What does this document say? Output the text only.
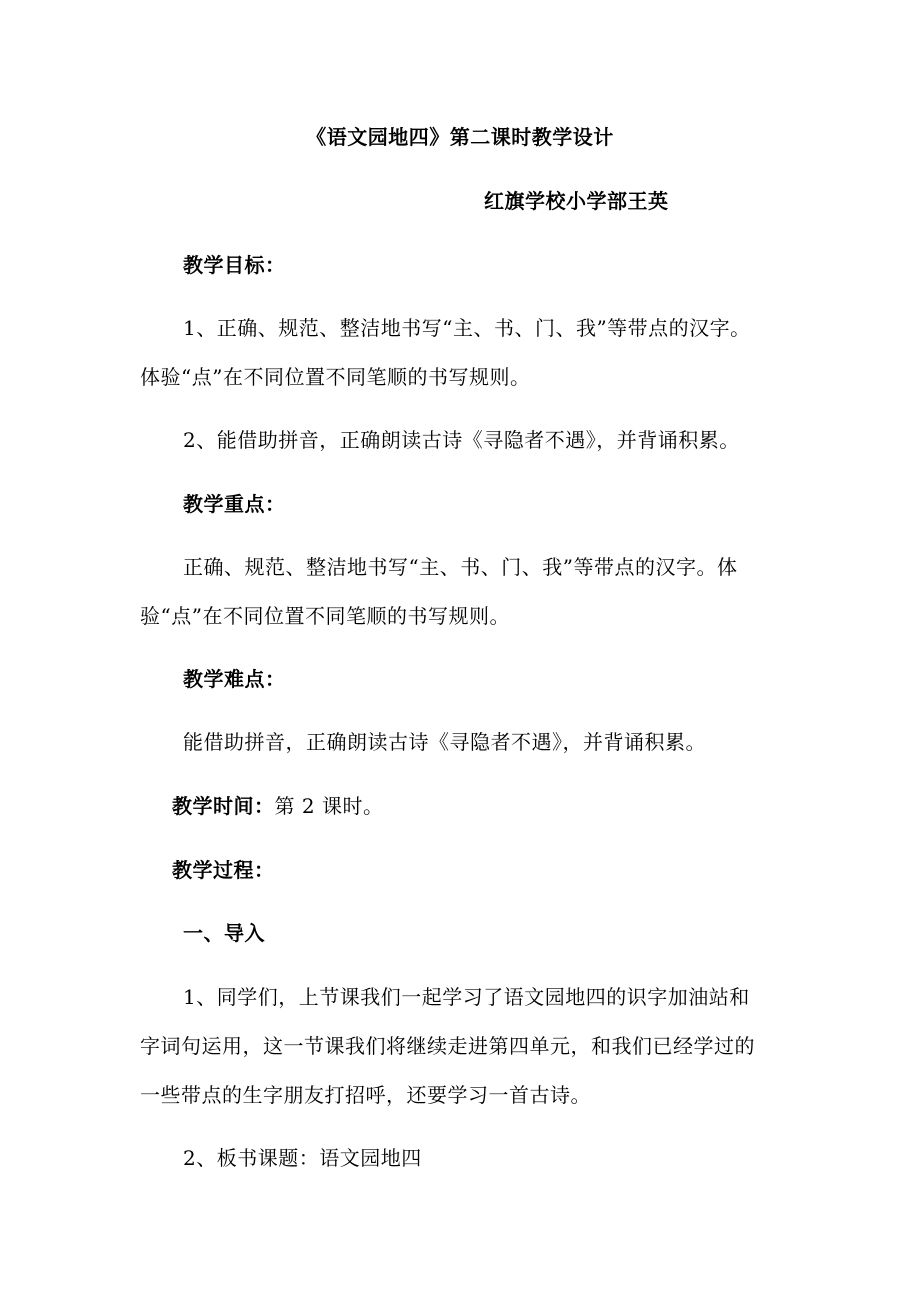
《语文园地四》第二课时教学设计
红旗学校小学部王英
教学目标：
1、正确、规范、整洁地书写“主、书、门、我”等带点的汉字。
体验“点”在不同位置不同笔顺的书写规则。
2、能借助拼音，正确朗读古诗《寻隐者不遇》，并背诵积累。
教学重点：
正确、规范、整洁地书写“主、书、门、我”等带点的汉字。体
验“点”在不同位置不同笔顺的书写规则。
教学难点：
能借助拼音，正确朗读古诗《寻隐者不遇》，并背诵积累。
教学时间：第 2 课时。
教学过程：
一、导入
1、同学们，上节课我们一起学习了语文园地四的识字加油站和
字词句运用，这一节课我们将继续走进第四单元，和我们已经学过的
一些带点的生字朋友打招呼，还要学习一首古诗。
2、板书课题：语文园地四
